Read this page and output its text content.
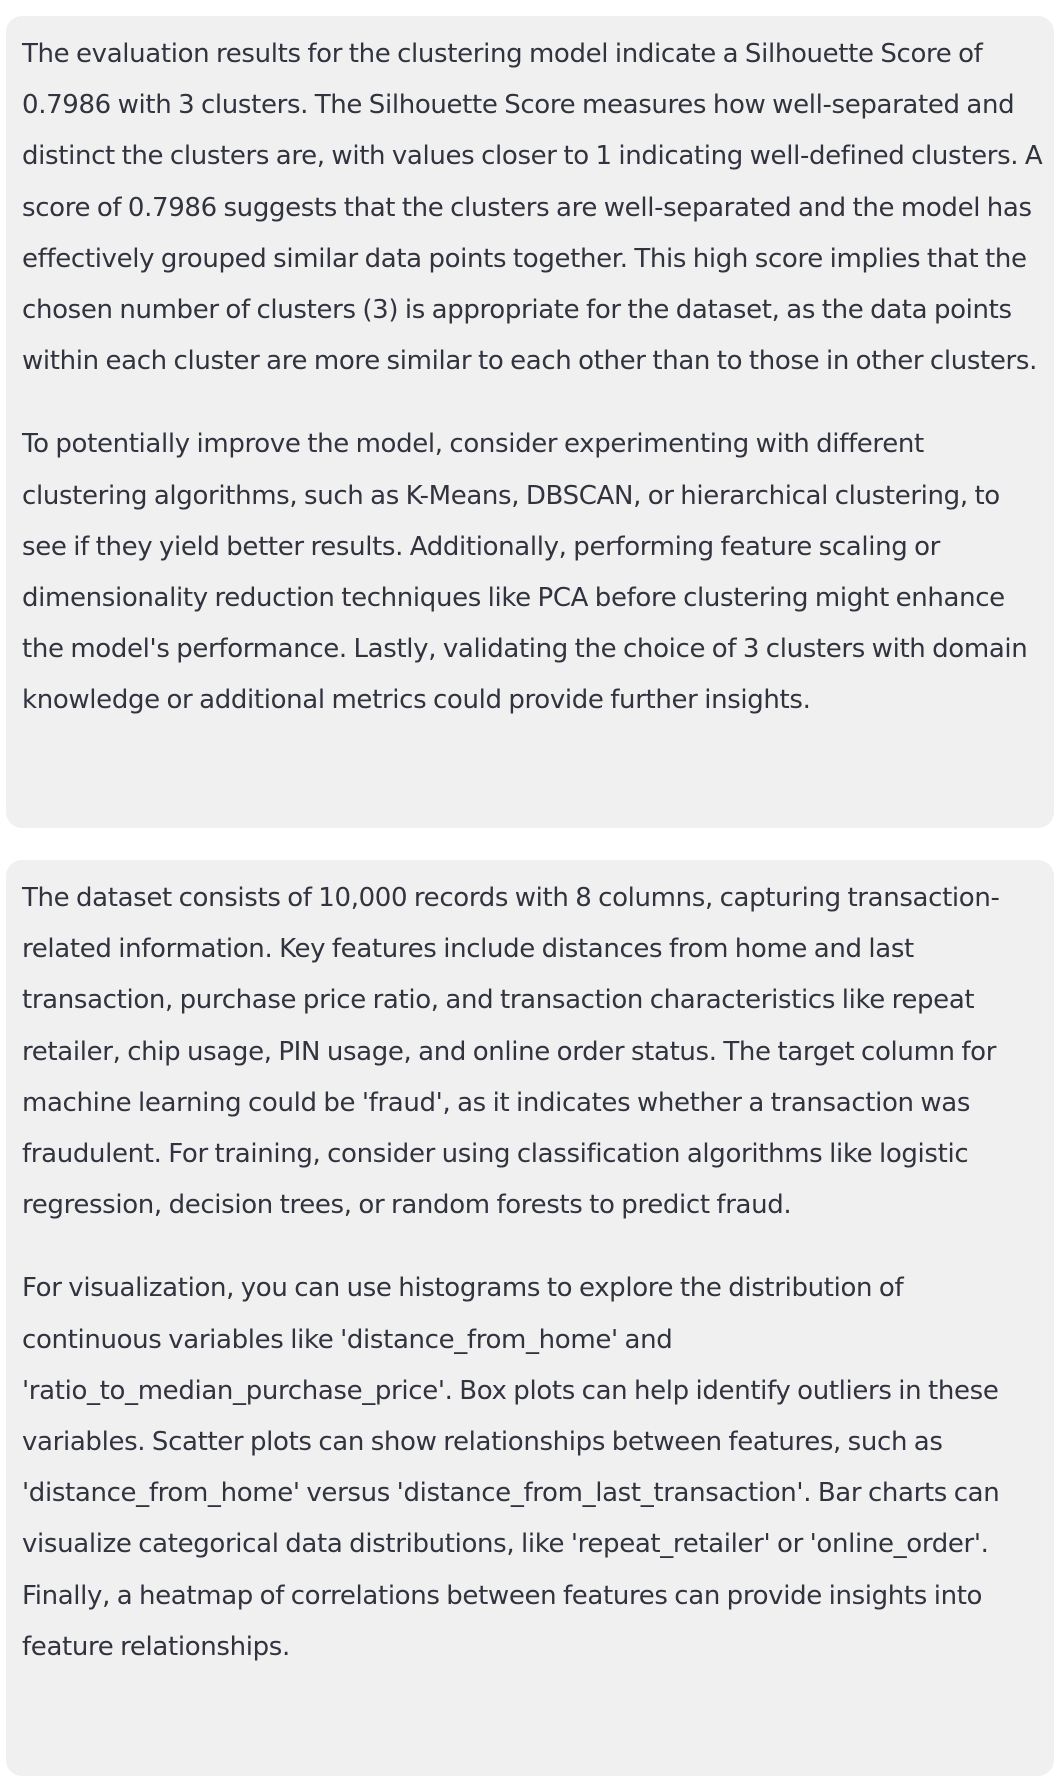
The evaluation results for the clustering model indicate a Silhouette Score of 0.7986 with 3 clusters. The Silhouette Score measures how well-separated and distinct the clusters are, with values closer to 1 indicating well-defined clusters. A score of 0.7986 suggests that the clusters are well-separated and the model has effectively grouped similar data points together. This high score implies that the chosen number of clusters (3) is appropriate for the dataset, as the data points within each cluster are more similar to each other than to those in other clusters.

To potentially improve the model, consider experimenting with different clustering algorithms, such as K-Means, DBSCAN, or hierarchical clustering, to see if they yield better results. Additionally, performing feature scaling or dimensionality reduction techniques like PCA before clustering might enhance the model's performance. Lastly, validating the choice of 3 clusters with domain knowledge or additional metrics could provide further insights.

The dataset consists of 10,000 records with 8 columns, capturing transaction-related information. Key features include distances from home and last transaction, purchase price ratio, and transaction characteristics like repeat retailer, chip usage, PIN usage, and online order status. The target column for machine learning could be 'fraud', as it indicates whether a transaction was fraudulent. For training, consider using classification algorithms like logistic regression, decision trees, or random forests to predict fraud.

For visualization, you can use histograms to explore the distribution of continuous variables like 'distance_from_home' and 'ratio_to_median_purchase_price'. Box plots can help identify outliers in these variables. Scatter plots can show relationships between features, such as 'distance_from_home' versus 'distance_from_last_transaction'. Bar charts can visualize categorical data distributions, like 'repeat_retailer' or 'online_order'. Finally, a heatmap of correlations between features can provide insights into feature relationships.
